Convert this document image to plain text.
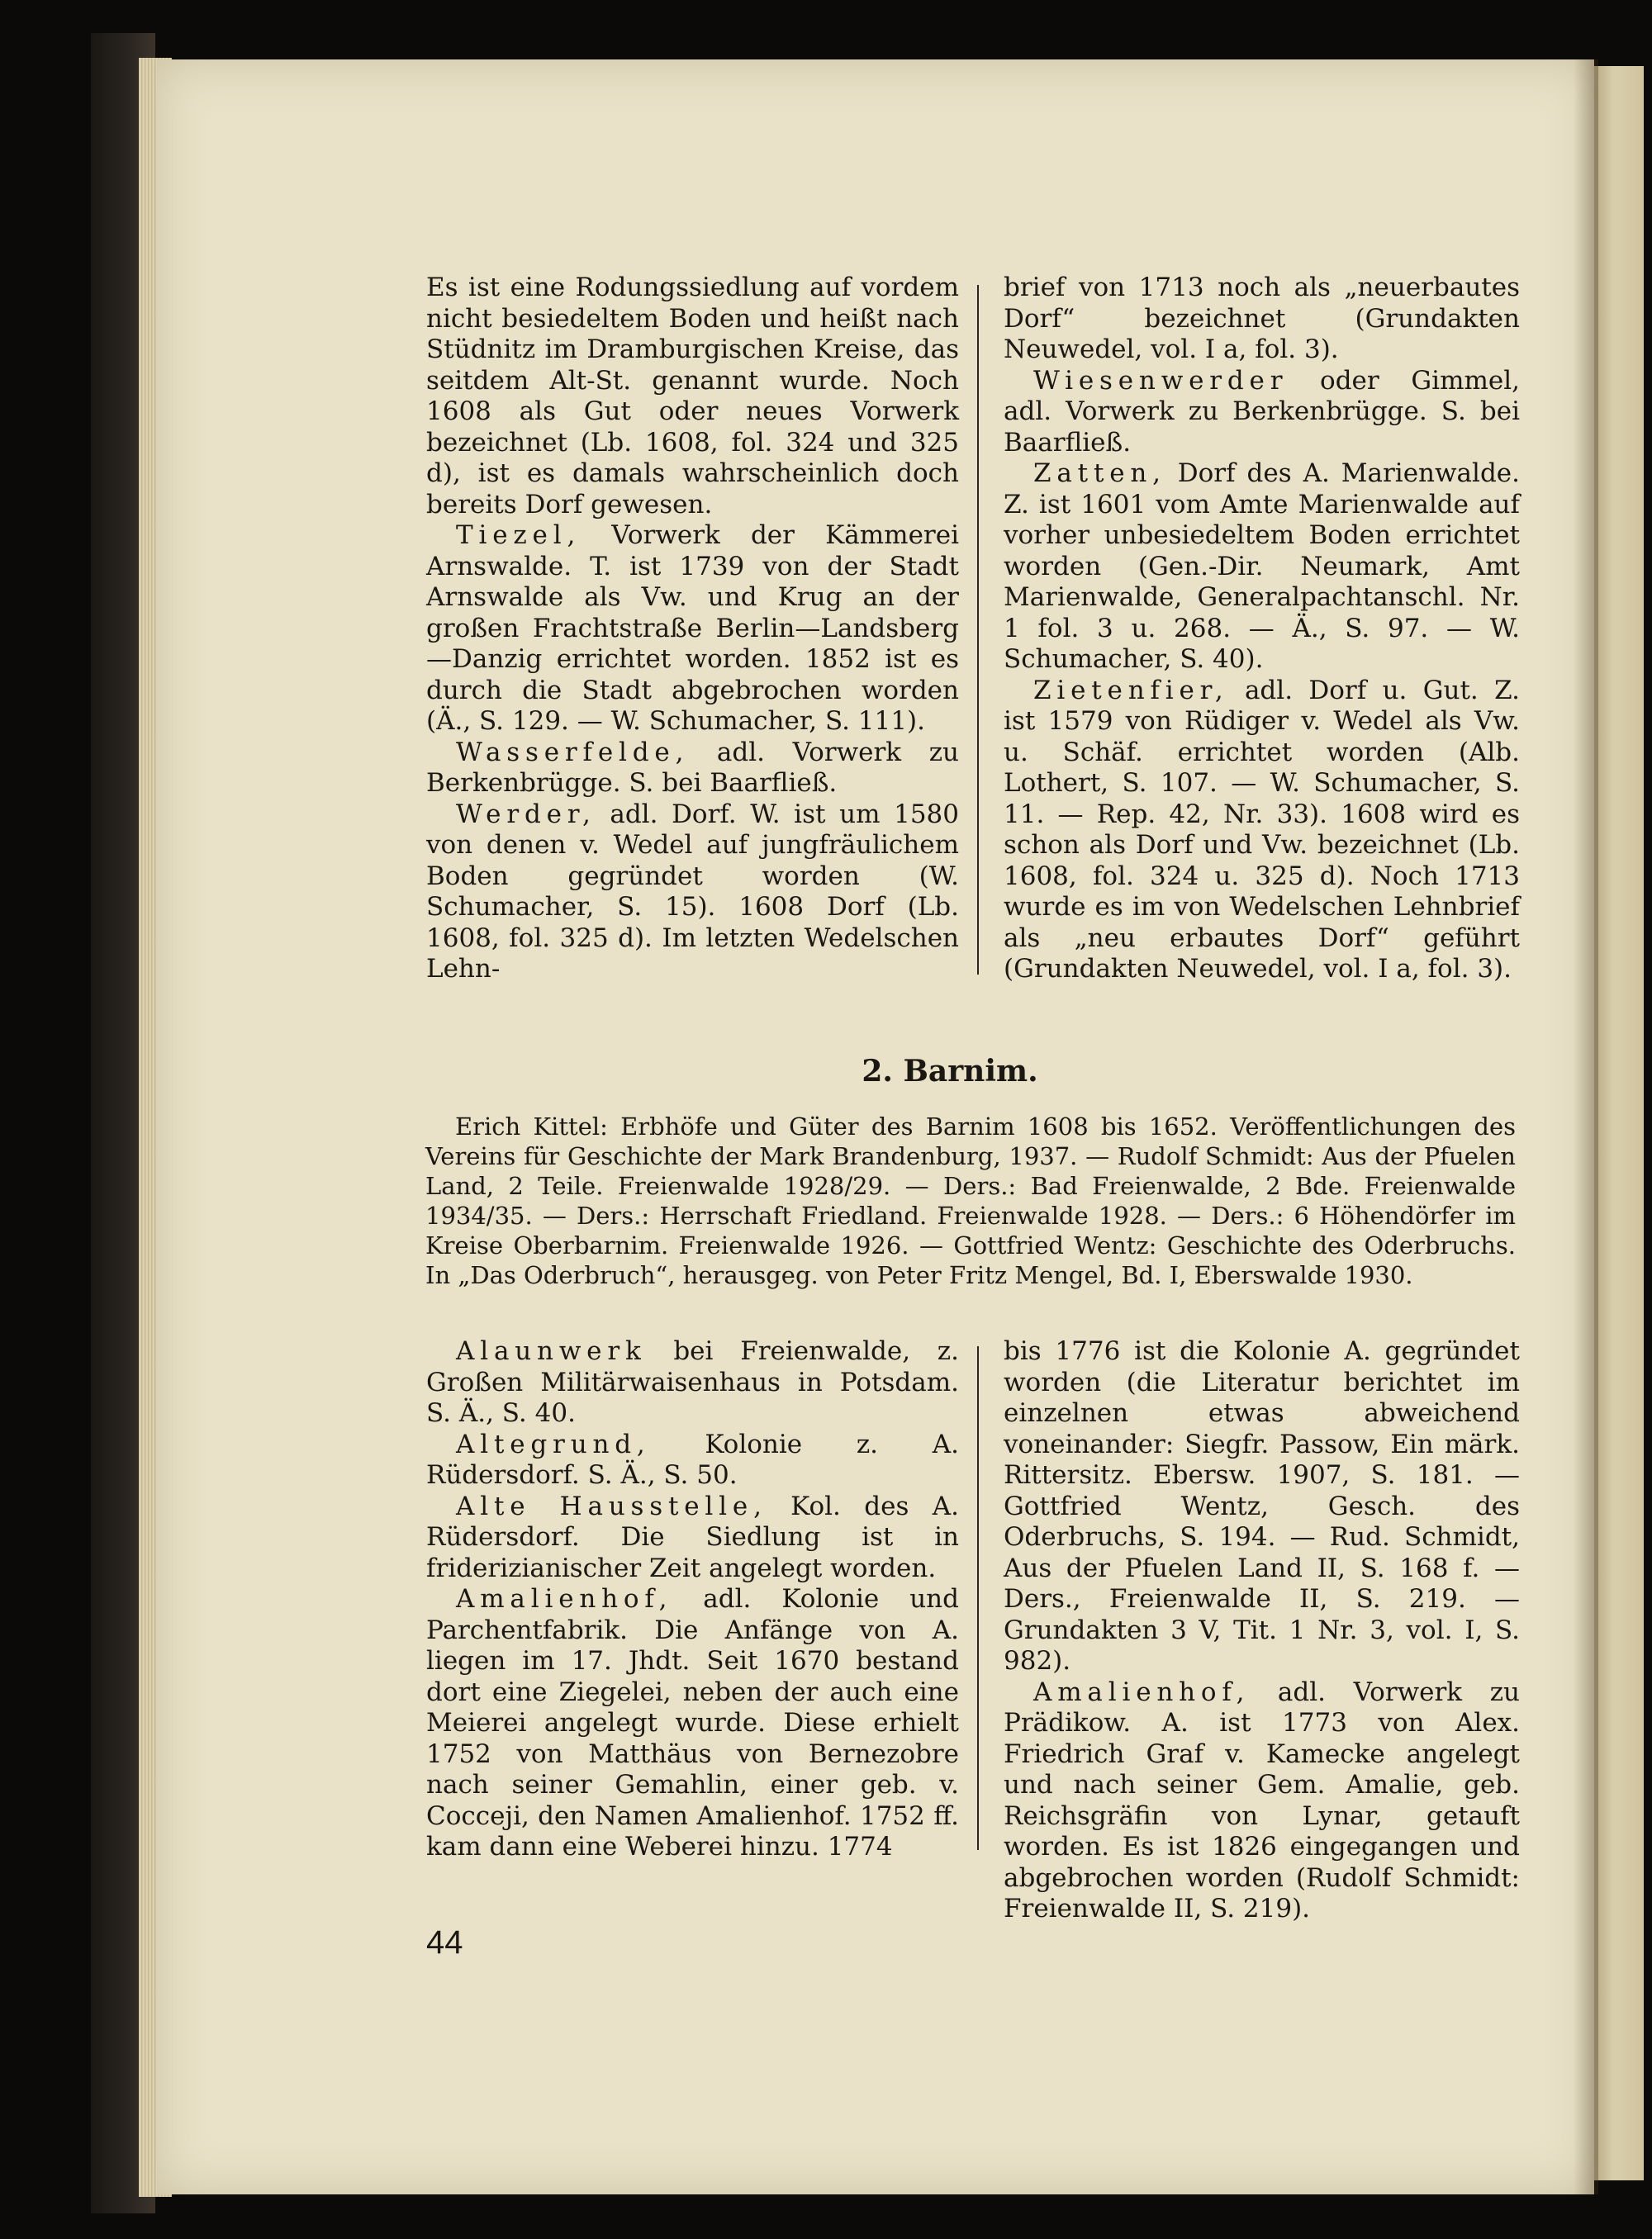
Es ist eine Rodungssiedlung auf vordem nicht besiedeltem Boden und heißt nach Stüdnitz im Dramburgischen Kreise, das seitdem Alt-St. genannt wurde. Noch 1608 als Gut oder neues Vorwerk bezeichnet (Lb. 1608, fol. 324 und 325 d), ist es damals wahrscheinlich doch bereits Dorf gewesen.

Tiezel, Vorwerk der Kämmerei Arnswalde. T. ist 1739 von der Stadt Arnswalde als Vw. und Krug an der großen Frachtstraße Berlin—Landsberg—Danzig errichtet worden. 1852 ist es durch die Stadt abgebrochen worden (Ä., S. 129. — W. Schumacher, S. 111).

Wasserfelde, adl. Vorwerk zu Berkenbrügge. S. bei Baarfließ.

Werder, adl. Dorf. W. ist um 1580 von denen v. Wedel auf jungfräulichem Boden gegründet worden (W. Schumacher, S. 15). 1608 Dorf (Lb. 1608, fol. 325 d). Im letzten Wedelschen Lehn-

brief von 1713 noch als „neuerbautes Dorf“ bezeichnet (Grundakten Neuwedel, vol. I a, fol. 3).

Wiesenwerder oder Gimmel, adl. Vorwerk zu Berkenbrügge. S. bei Baarfließ.

Zatten, Dorf des A. Marienwalde. Z. ist 1601 vom Amte Marienwalde auf vorher unbesiedeltem Boden errichtet worden (Gen.-Dir. Neumark, Amt Marienwalde, Generalpachtanschl. Nr. 1 fol. 3 u. 268. — Ä., S. 97. — W. Schumacher, S. 40).

Zietenfier, adl. Dorf u. Gut. Z. ist 1579 von Rüdiger v. Wedel als Vw. u. Schäf. errichtet worden (Alb. Lothert, S. 107. — W. Schumacher, S. 11. — Rep. 42, Nr. 33). 1608 wird es schon als Dorf und Vw. bezeichnet (Lb. 1608, fol. 324 u. 325 d). Noch 1713 wurde es im von Wedelschen Lehnbrief als „neu erbautes Dorf“ geführt (Grundakten Neuwedel, vol. I a, fol. 3).

2. Barnim.

Erich Kittel: Erbhöfe und Güter des Barnim 1608 bis 1652. Veröffentlichungen des Vereins für Geschichte der Mark Brandenburg, 1937. — Rudolf Schmidt: Aus der Pfuelen Land, 2 Teile. Freienwalde 1928/29. — Ders.: Bad Freienwalde, 2 Bde. Freienwalde 1934/35. — Ders.: Herrschaft Friedland. Freienwalde 1928. — Ders.: 6 Höhendörfer im Kreise Oberbarnim. Freienwalde 1926. — Gottfried Wentz: Geschichte des Oderbruchs. In „Das Oderbruch“, herausgeg. von Peter Fritz Mengel, Bd. I, Eberswalde 1930.

Alaunwerk bei Freienwalde, z. Großen Militärwaisenhaus in Potsdam. S. Ä., S. 40.

Altegrund, Kolonie z. A. Rüdersdorf. S. Ä., S. 50.

Alte Hausstelle, Kol. des A. Rüdersdorf. Die Siedlung ist in friderizianischer Zeit angelegt worden.

Amalienhof, adl. Kolonie und Parchentfabrik. Die Anfänge von A. liegen im 17. Jhdt. Seit 1670 bestand dort eine Ziegelei, neben der auch eine Meierei angelegt wurde. Diese erhielt 1752 von Matthäus von Bernezobre nach seiner Gemahlin, einer geb. v. Cocceji, den Namen Amalienhof. 1752 ff. kam dann eine Weberei hinzu. 1774

bis 1776 ist die Kolonie A. gegründet worden (die Literatur berichtet im einzelnen etwas abweichend voneinander: Siegfr. Passow, Ein märk. Rittersitz. Ebersw. 1907, S. 181. — Gottfried Wentz, Gesch. des Oderbruchs, S. 194. — Rud. Schmidt, Aus der Pfuelen Land II, S. 168 f. — Ders., Freienwalde II, S. 219. — Grundakten 3 V, Tit. 1 Nr. 3, vol. I, S. 982).

Amalienhof, adl. Vorwerk zu Prädikow. A. ist 1773 von Alex. Friedrich Graf v. Kamecke angelegt und nach seiner Gem. Amalie, geb. Reichsgräfin von Lynar, getauft worden. Es ist 1826 eingegangen und abgebrochen worden (Rudolf Schmidt: Freienwalde II, S. 219).

44
